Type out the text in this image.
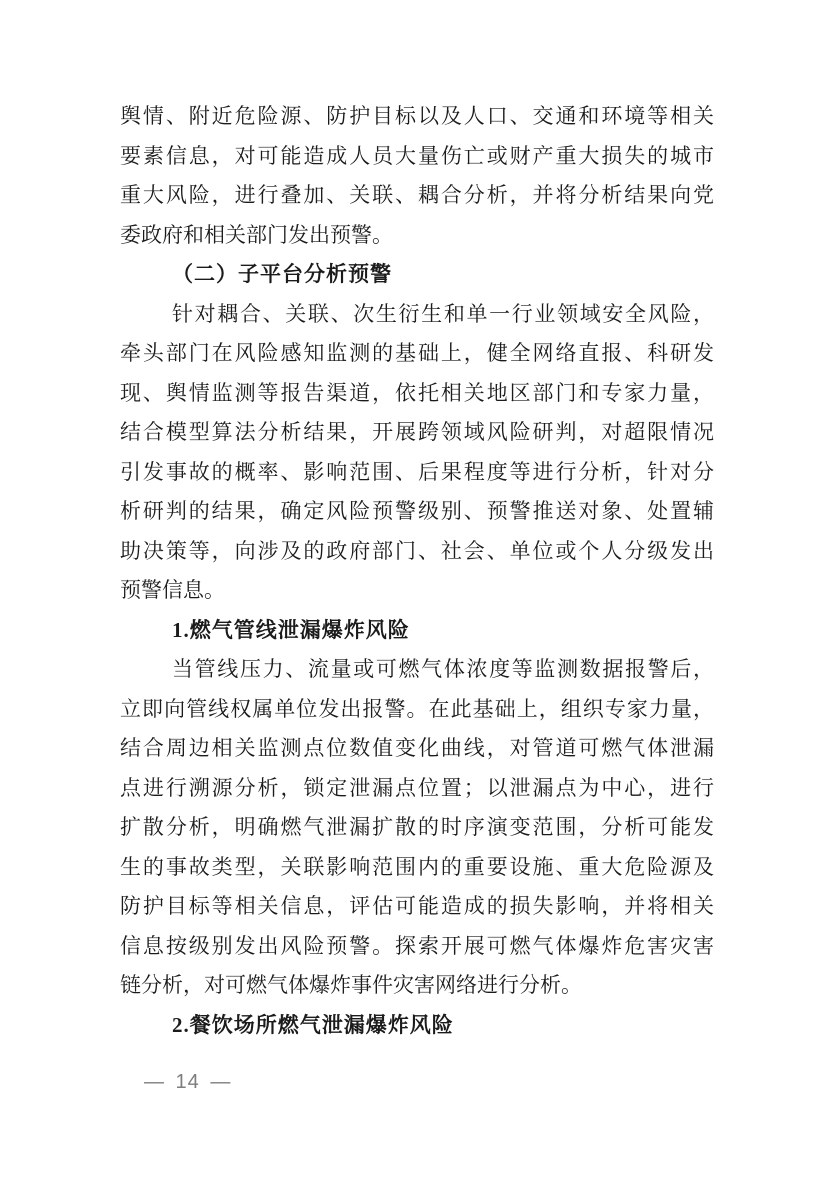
舆情、附近危险源、防护目标以及人口、交通和环境等相关
要素信息，对可能造成人员大量伤亡或财产重大损失的城市
重大风险，进行叠加、关联、耦合分析，并将分析结果向党
委政府和相关部门发出预警。
（二）子平台分析预警
针对耦合、关联、次生衍生和单一行业领域安全风险，
牵头部门在风险感知监测的基础上，健全网络直报、科研发
现、舆情监测等报告渠道，依托相关地区部门和专家力量，
结合模型算法分析结果，开展跨领域风险研判，对超限情况
引发事故的概率、影响范围、后果程度等进行分析，针对分
析研判的结果，确定风险预警级别、预警推送对象、处置辅
助决策等，向涉及的政府部门、社会、单位或个人分级发出
预警信息。
1.燃气管线泄漏爆炸风险
当管线压力、流量或可燃气体浓度等监测数据报警后，
立即向管线权属单位发出报警。在此基础上，组织专家力量，
结合周边相关监测点位数值变化曲线，对管道可燃气体泄漏
点进行溯源分析，锁定泄漏点位置；以泄漏点为中心，进行
扩散分析，明确燃气泄漏扩散的时序演变范围，分析可能发
生的事故类型，关联影响范围内的重要设施、重大危险源及
防护目标等相关信息，评估可能造成的损失影响，并将相关
信息按级别发出风险预警。探索开展可燃气体爆炸危害灾害
链分析，对可燃气体爆炸事件灾害网络进行分析。
2.餐饮场所燃气泄漏爆炸风险
— 14 —
